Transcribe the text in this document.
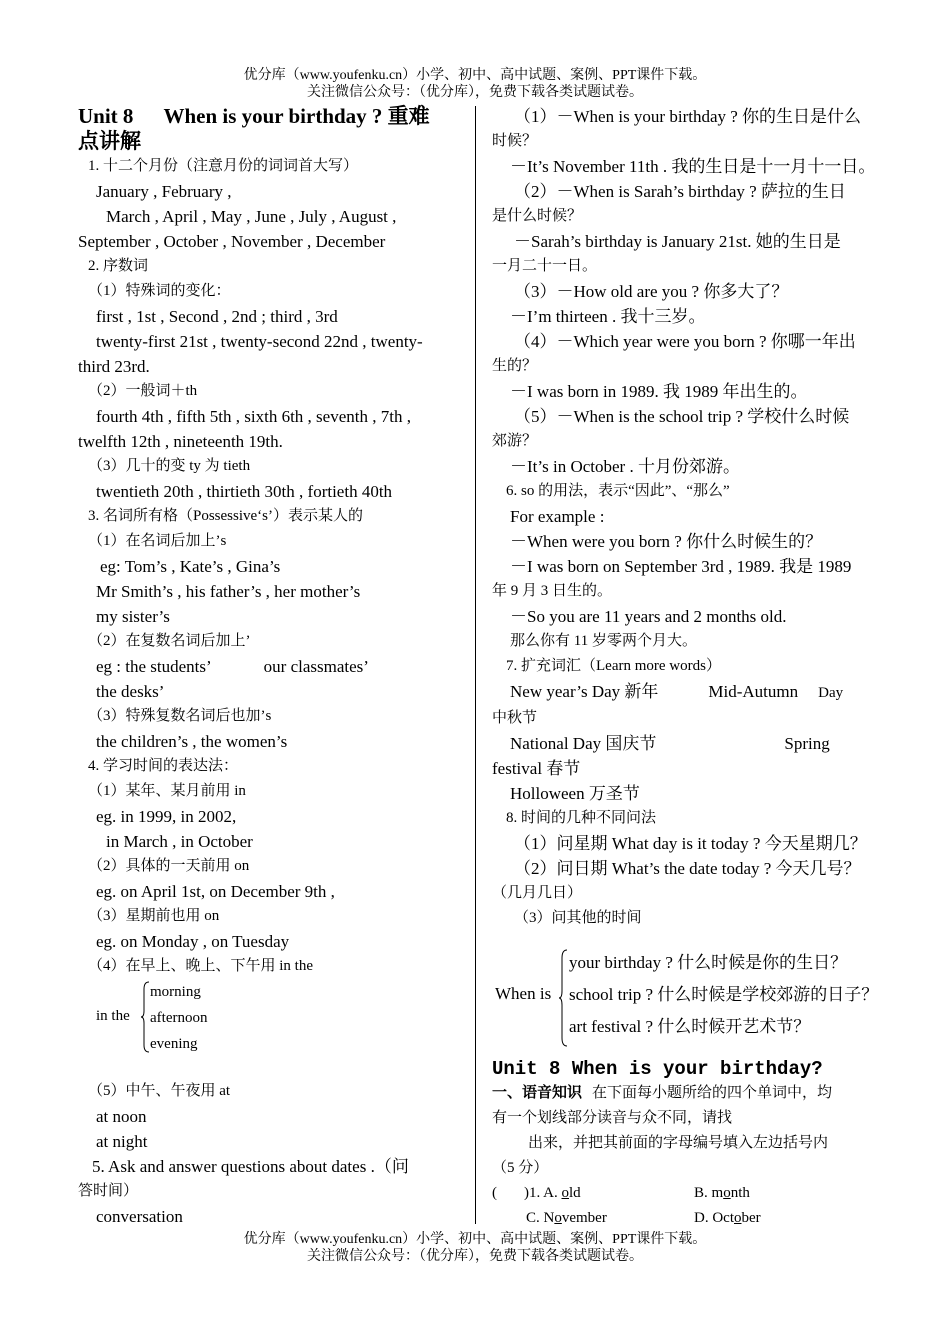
优分库（www.youfenku.cn）小学、初中、高中试题、案例、PPT课件下载。
关注微信公众号：（优分库），免费下载各类试题试卷。
Unit 8 When is your birthday ? 重难
点讲解
1. 十二个月份（注意月份的词词首大写）
January , February ,
March , April , May , June , July , August ,
September , October , November , December
2. 序数词
（1）特殊词的变化：
first , 1st , Second , 2nd ; third , 3rd
twenty-first 21st , twenty-second 22nd , twenty-
third 23rd.
（2）一般词＋th
fourth 4th , fifth 5th , sixth 6th , seventh , 7th ,
twelfth 12th , nineteenth 19th.
（3）几十的变 ty 为 tieth
twentieth 20th , thirtieth 30th , fortieth 40th
3. 名词所有格（Possessive‘s’）表示某人的
（1）在名词后加上’s
eg: Tom’s , Kate’s , Gina’s
Mr Smith’s , his father’s , her mother’s
my sister’s
（2）在复数名词后加上’
eg : the students’	our classmates’
the desks’
（3）特殊复数名词后也加’s
the children’s , the women’s
4. 学习时间的表达法：
（1）某年、某月前用 in
eg. in 1999, in 2002,
in March , in October
（2）具体的一天前用 on
eg. on April 1st, on December 9th ,
（3）星期前也用 on
eg. on Monday , on Tuesday
（4）在早上、晚上、下午用 in the
in the
morning
afternoon
evening
（5）中午、午夜用 at
at noon
at night
5. Ask and answer questions about dates .（问
答时间）
conversation
（1）－When is your birthday ? 你的生日是什么
时候？
－It’s November 11th . 我的生日是十一月十一日。
（2）－When is Sarah’s birthday ? 萨拉的生日
是什么时候？
－Sarah’s birthday is January 21st. 她的生日是
一月二十一日。
（3）－How old are you ? 你多大了？
－I’m thirteen . 我十三岁。
（4）－Which year were you born ? 你哪一年出
生的？
－I was born in 1989. 我 1989 年出生的。
（5）－When is the school trip ? 学校什么时候
郊游？
－It’s in October . 十月份郊游。
6. so 的用法，表示“因此”、“那么”
For example :
－When were you born ? 你什么时候生的？
－I was born on September 3rd , 1989. 我是 1989
年 9 月 3 日生的。
－So you are 11 years and 2 months old.
那么你有 11 岁零两个月大。
7. 扩充词汇（Learn more words）
New year’s Day 新年	Mid-Autumn Day
中秋节
National Day 国庆节	Spring
festival 春节
Holloween 万圣节
8. 时间的几种不同问法
（1）问星期 What day is it today ? 今天星期几？
（2）问日期 What’s the date today ? 今天几号？
（几月几日）
（3）问其他的时间
When is
your birthday ? 什么时候是你的生日？
school trip ? 什么时候是学校郊游的日子？
art festival ? 什么时候开艺术节？
Unit 8 When is your birthday?
一、语音知识 在下面每小题所给的四个单词中，均
有一个划线部分读音与众不同，请找
出来，并把其前面的字母编号填入左边括号内
（5 分）
( )1. A. old	B. month
C. November	D. October
优分库（www.youfenku.cn）小学、初中、高中试题、案例、PPT课件下载。
关注微信公众号：（优分库），免费下载各类试题试卷。
